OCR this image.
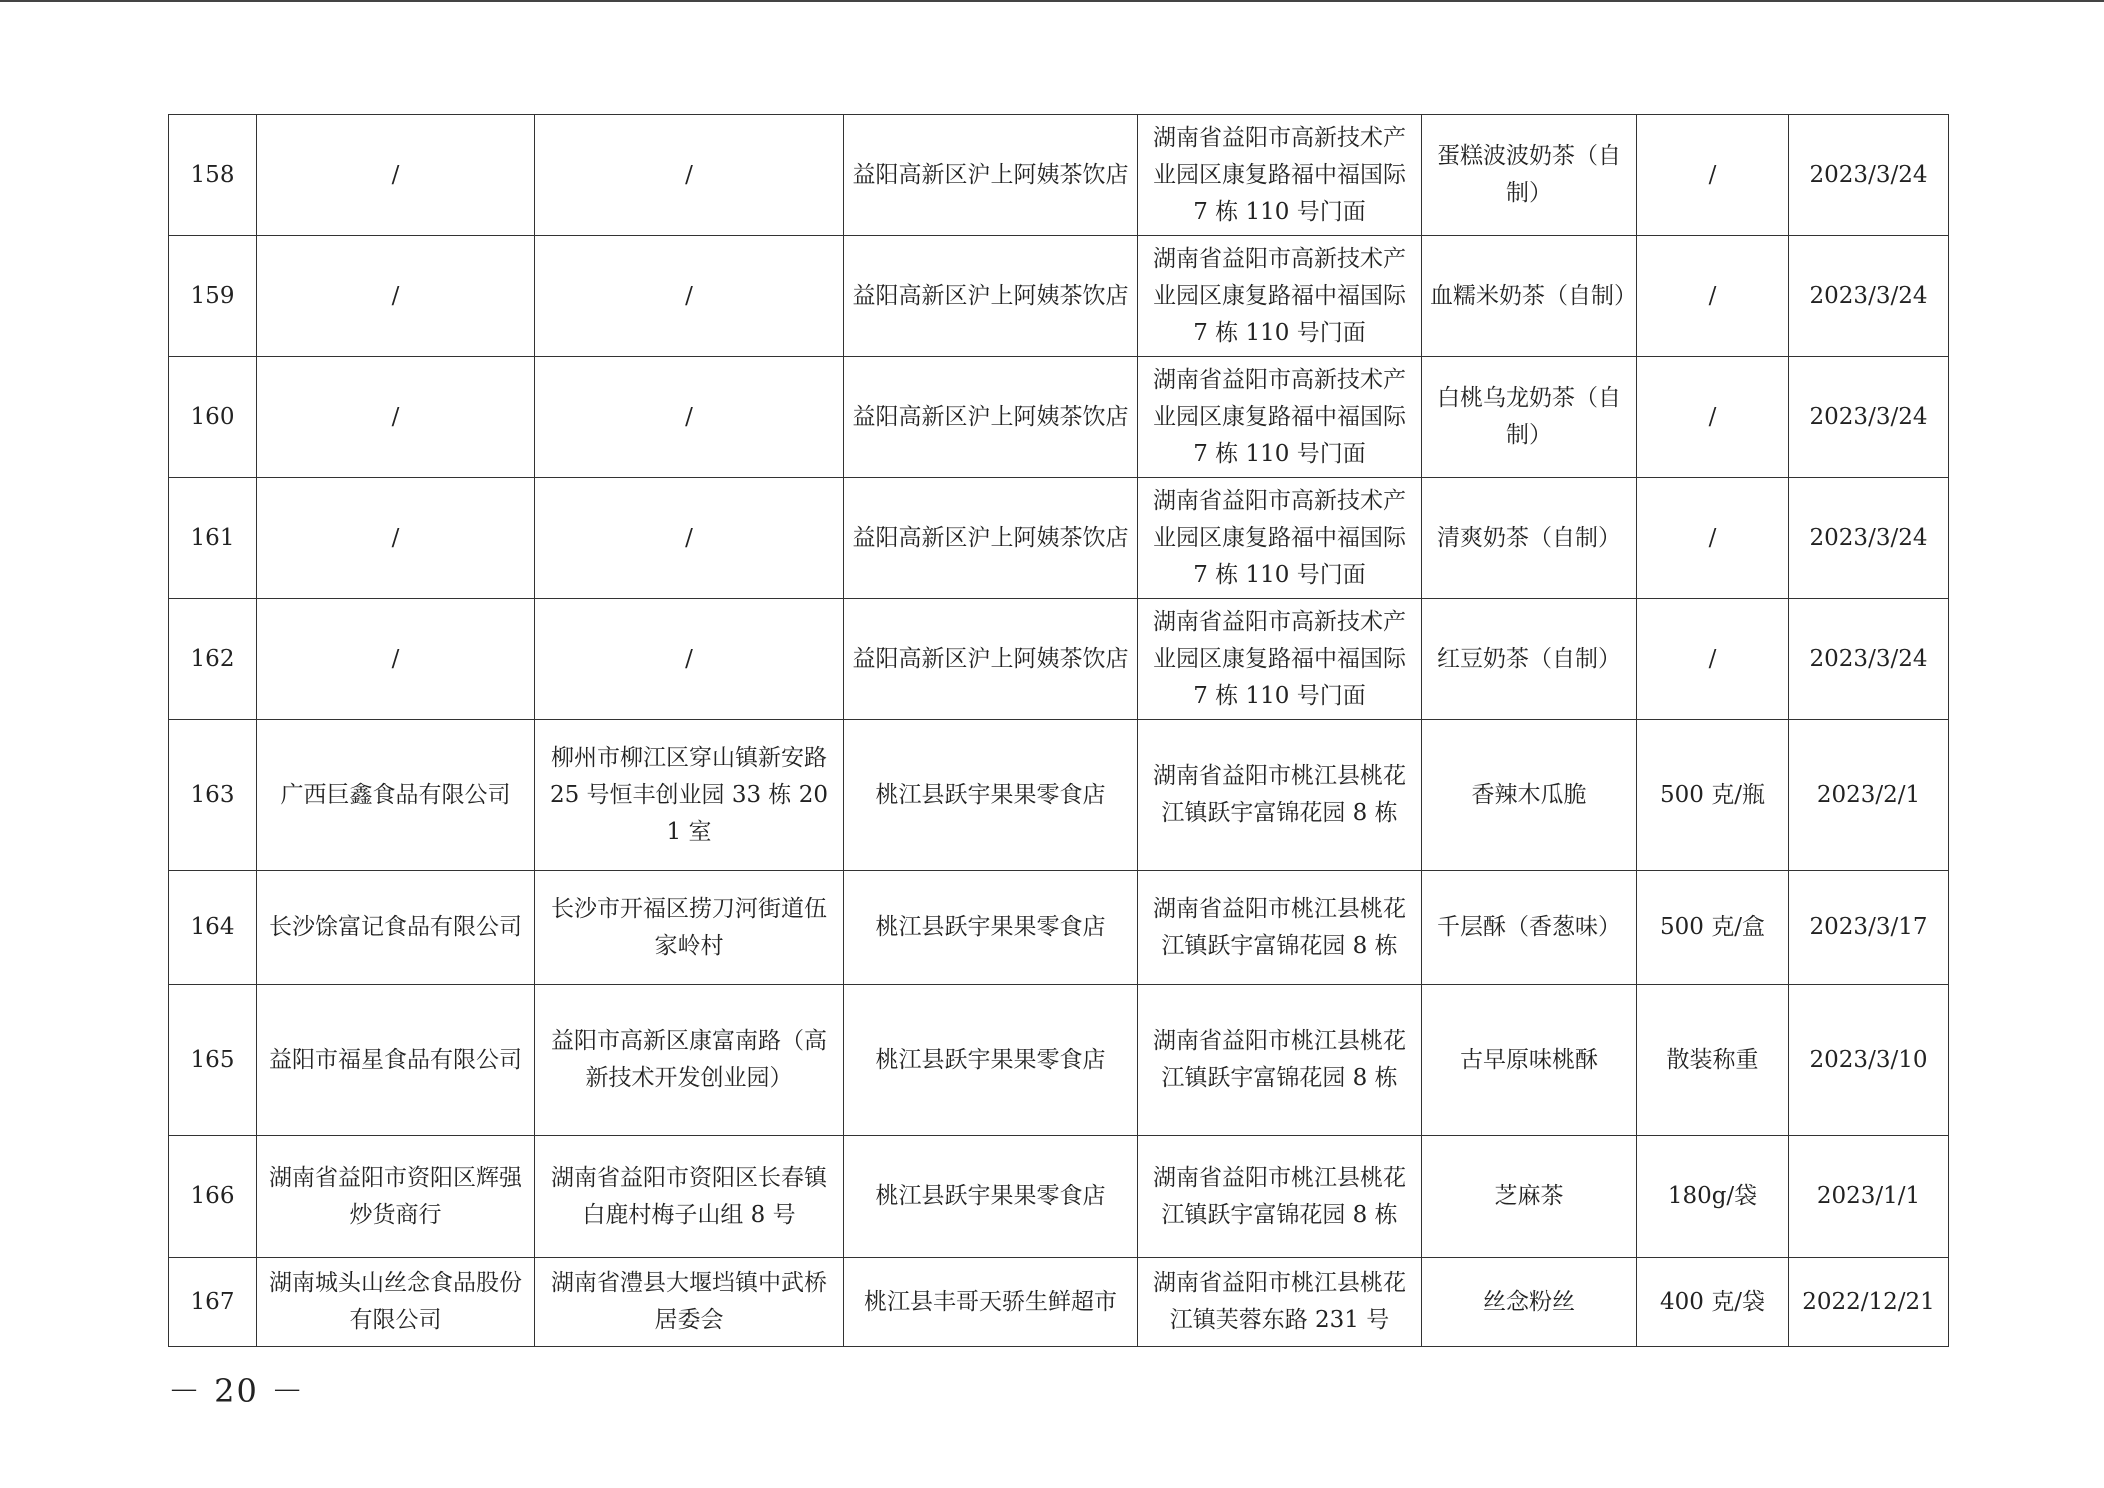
158	/	/	益阳高新区沪上阿姨茶饮店	湖南省益阳市高新技术产业园区康复路福中福国际 7 栋 110 号门面	蛋糕波波奶茶（自制）	/	2023/3/24
159	/	/	益阳高新区沪上阿姨茶饮店	湖南省益阳市高新技术产业园区康复路福中福国际 7 栋 110 号门面	血糯米奶茶（自制）	/	2023/3/24
160	/	/	益阳高新区沪上阿姨茶饮店	湖南省益阳市高新技术产业园区康复路福中福国际 7 栋 110 号门面	白桃乌龙奶茶（自制）	/	2023/3/24
161	/	/	益阳高新区沪上阿姨茶饮店	湖南省益阳市高新技术产业园区康复路福中福国际 7 栋 110 号门面	清爽奶茶（自制）	/	2023/3/24
162	/	/	益阳高新区沪上阿姨茶饮店	湖南省益阳市高新技术产业园区康复路福中福国际 7 栋 110 号门面	红豆奶茶（自制）	/	2023/3/24
163	广西巨鑫食品有限公司	柳州市柳江区穿山镇新安路 25 号恒丰创业园 33 栋 201 室	桃江县跃宇果果零食店	湖南省益阳市桃江县桃花江镇跃宇富锦花园 8 栋	香辣木瓜脆	500 克/瓶	2023/2/1
164	长沙馀富记食品有限公司	长沙市开福区捞刀河街道伍家岭村	桃江县跃宇果果零食店	湖南省益阳市桃江县桃花江镇跃宇富锦花园 8 栋	千层酥（香葱味）	500 克/盒	2023/3/17
165	益阳市福星食品有限公司	益阳市高新区康富南路（高新技术开发创业园）	桃江县跃宇果果零食店	湖南省益阳市桃江县桃花江镇跃宇富锦花园 8 栋	古早原味桃酥	散装称重	2023/3/10
166	湖南省益阳市资阳区辉强炒货商行	湖南省益阳市资阳区长春镇白鹿村梅子山组 8 号	桃江县跃宇果果零食店	湖南省益阳市桃江县桃花江镇跃宇富锦花园 8 栋	芝麻茶	180g/袋	2023/1/1
167	湖南城头山丝念食品股份有限公司	湖南省澧县大堰垱镇中武桥居委会	桃江县丰哥天骄生鲜超市	湖南省益阳市桃江县桃花江镇芙蓉东路 231 号	丝念粉丝	400 克/袋	2022/12/21
－ 20 －
